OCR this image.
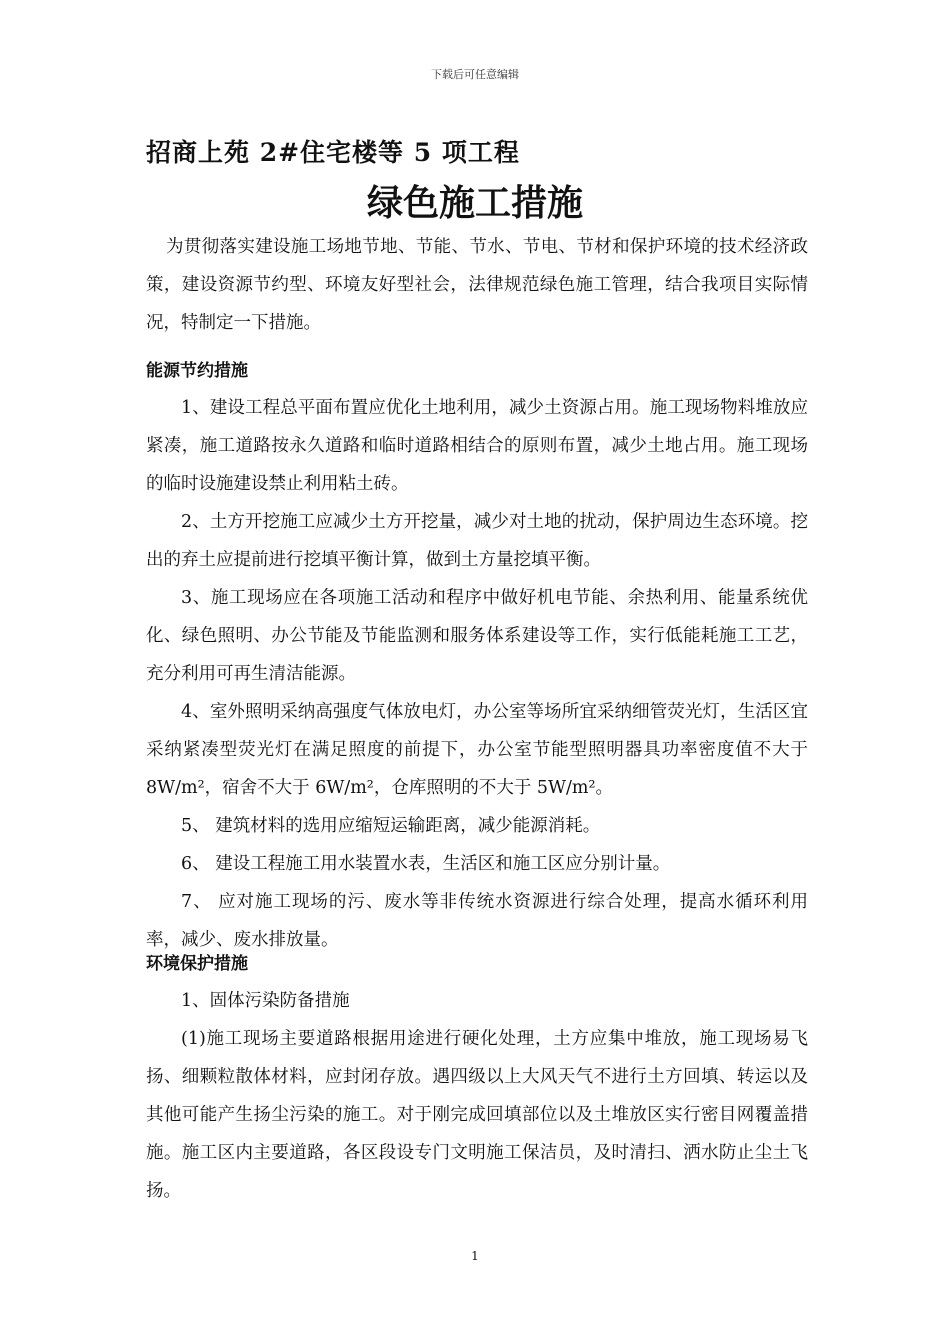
下载后可任意编辑
招商上苑 2#住宅楼等 5 项工程
绿色施工措施

为贯彻落实建设施工场地节地、节能、节水、节电、节材和保护环境的技术经济政策，建设资源节约型、环境友好型社会，法律规范绿色施工管理，结合我项目实际情况，特制定一下措施。

能源节约措施

1、建设工程总平面布置应优化土地利用，减少土资源占用。施工现场物料堆放应紧凑，施工道路按永久道路和临时道路相结合的原则布置，减少土地占用。施工现场的临时设施建设禁止利用粘土砖。

2、土方开挖施工应减少土方开挖量，减少对土地的扰动，保护周边生态环境。挖出的弃土应提前进行挖填平衡计算，做到土方量挖填平衡。

3、施工现场应在各项施工活动和程序中做好机电节能、余热利用、能量系统优化、绿色照明、办公节能及节能监测和服务体系建设等工作，实行低能耗施工工艺，充分利用可再生清洁能源。

4、室外照明采纳高强度气体放电灯，办公室等场所宜采纳细管荧光灯，生活区宜采纳紧凑型荧光灯在满足照度的前提下，办公室节能型照明器具功率密度值不大于 8W/m²，宿舍不大于 6W/m²，仓库照明的不大于 5W/m²。

5、 建筑材料的选用应缩短运输距离，减少能源消耗。

6、 建设工程施工用水装置水表，生活区和施工区应分别计量。

7、 应对施工现场的污、废水等非传统水资源进行综合处理，提高水循环利用率，减少、废水排放量。

环境保护措施

1、固体污染防备措施

(1)施工现场主要道路根据用途进行硬化处理，土方应集中堆放，施工现场易飞扬、细颗粒散体材料，应封闭存放。遇四级以上大风天气不进行土方回填、转运以及其他可能产生扬尘污染的施工。对于刚完成回填部位以及土堆放区实行密目网覆盖措施。施工区内主要道路，各区段设专门文明施工保洁员，及时清扫、洒水防止尘土飞扬。

1
